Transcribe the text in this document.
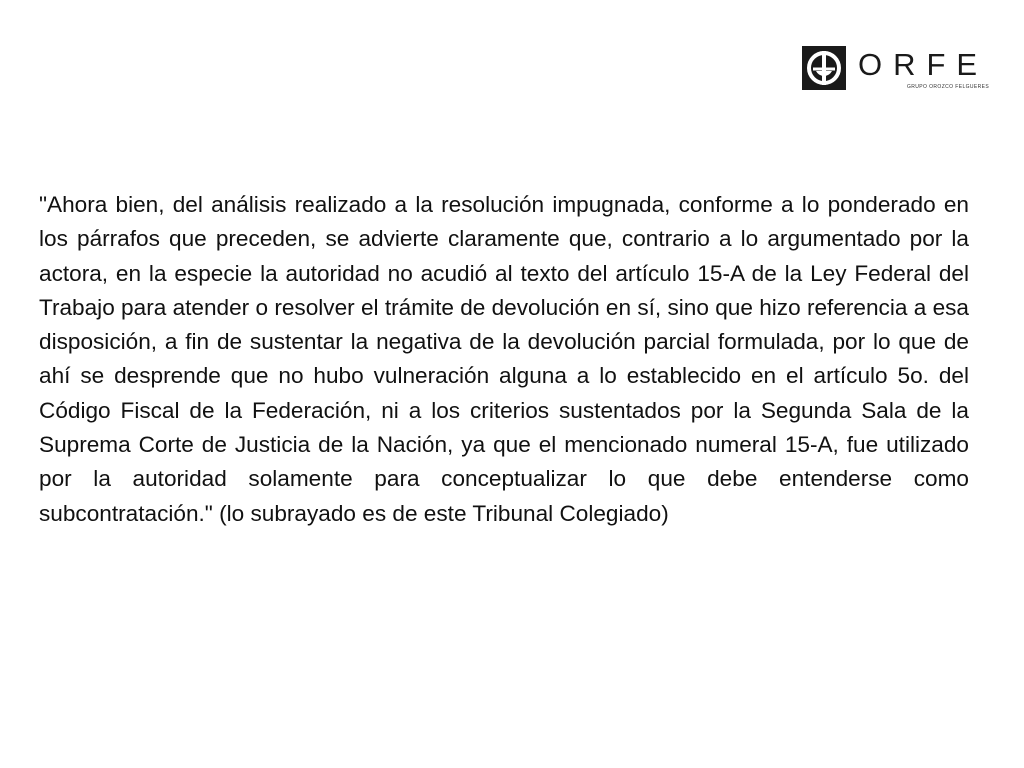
ORFE
GRUPO OROZCO FELGUERES

"Ahora bien, del análisis realizado a la resolución impugnada, conforme a lo ponderado en los párrafos que preceden, se advierte claramente que, contrario a lo argumentado por la actora, en la especie la autoridad no acudió al texto del artículo 15-A de la Ley Federal del Trabajo para atender o resolver el trámite de devolución en sí, sino que hizo referencia a esa disposición, a fin de sustentar la negativa de la devolución parcial formulada, por lo que de ahí se desprende que no hubo vulneración alguna a lo establecido en el artículo 5o. del Código Fiscal de la Federación, ni a los criterios sustentados por la Segunda Sala de la Suprema Corte de Justicia de la Nación, ya que el mencionado numeral 15-A, fue utilizado por la autoridad solamente para conceptualizar lo que debe entenderse como subcontratación." (lo subrayado es de este Tribunal Colegiado)
